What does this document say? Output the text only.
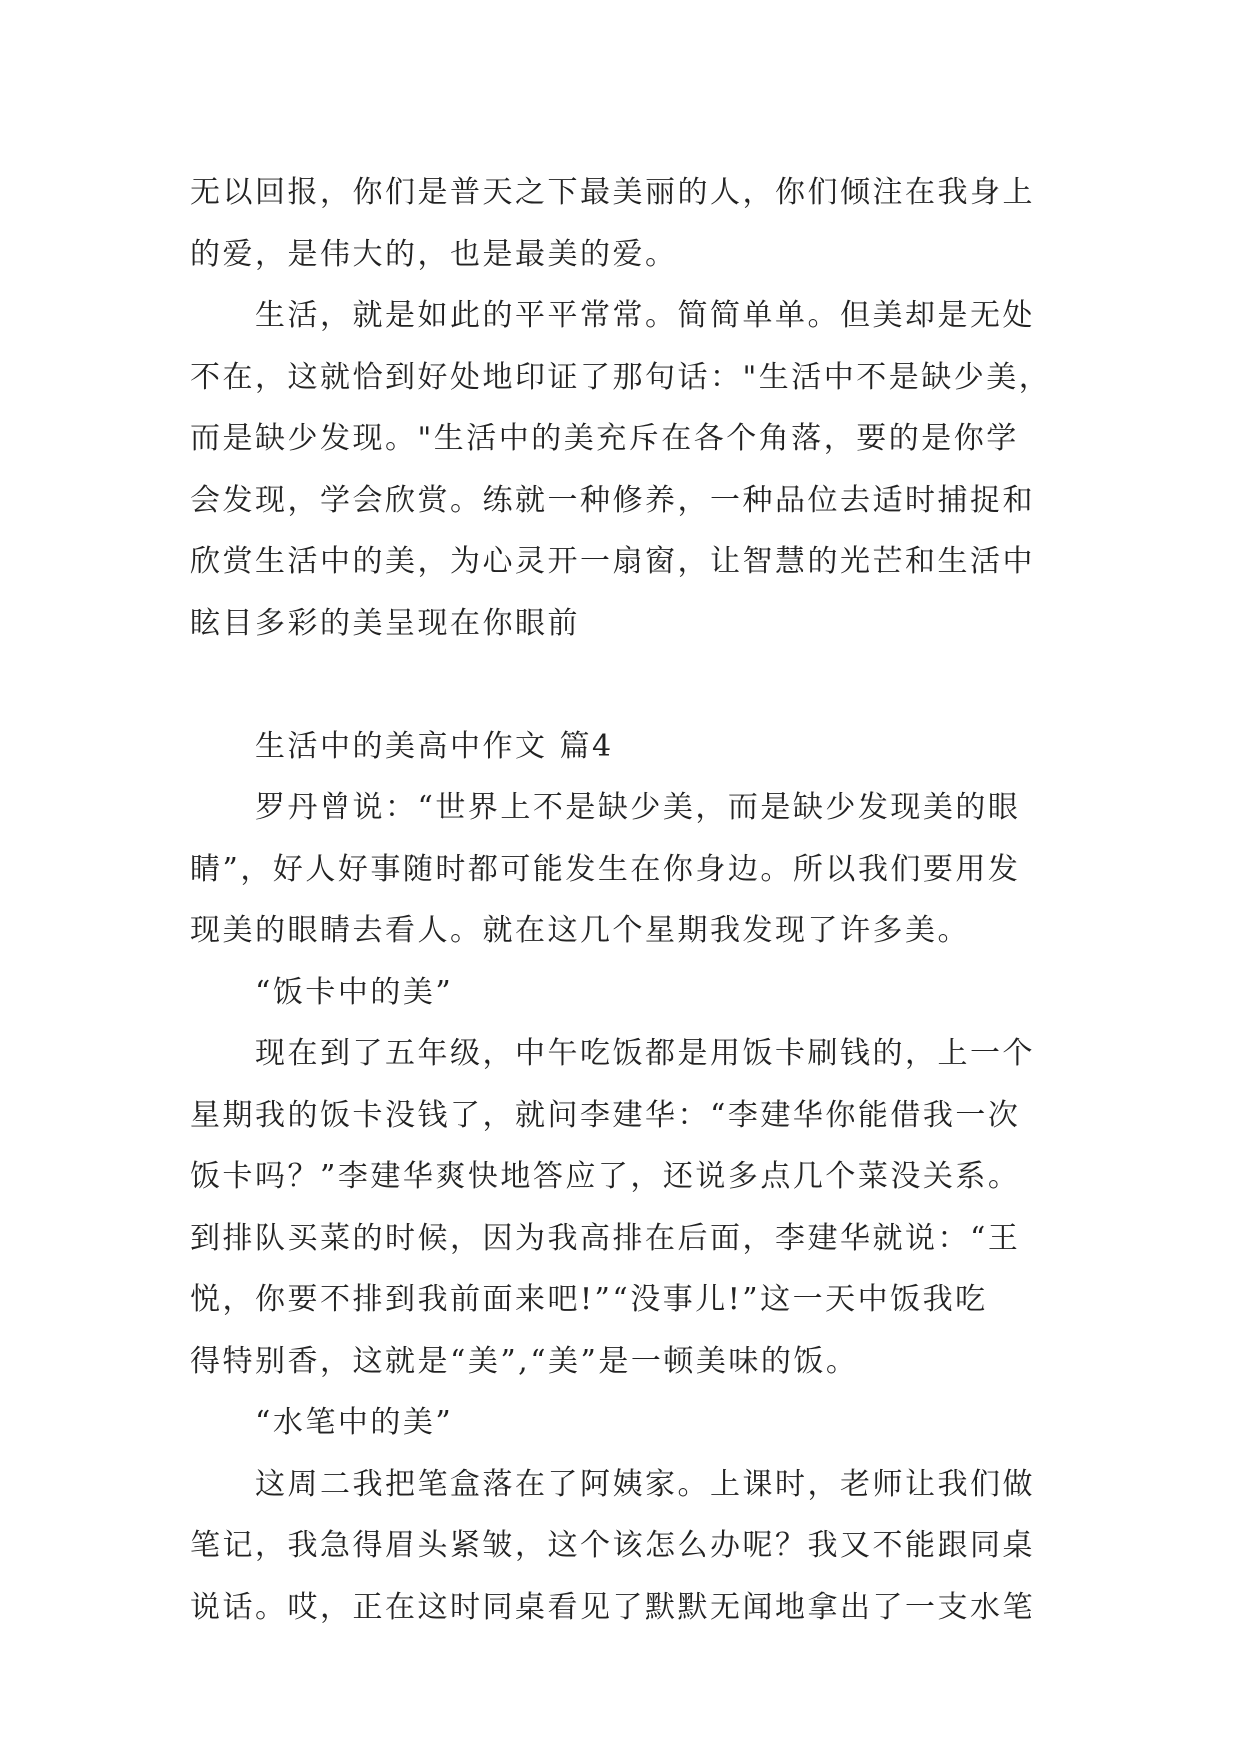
无以回报，你们是普天之下最美丽的人，你们倾注在我身上
的爱，是伟大的，也是最美的爱。
生活，就是如此的平平常常。简简单单。但美却是无处
不在，这就恰到好处地印证了那句话："生活中不是缺少美，
而是缺少发现。"生活中的美充斥在各个角落，要的是你学
会发现，学会欣赏。练就一种修养，一种品位去适时捕捉和
欣赏生活中的美，为心灵开一扇窗，让智慧的光芒和生活中
眩目多彩的美呈现在你眼前
生活中的美高中作文 篇4
罗丹曾说：“世界上不是缺少美，而是缺少发现美的眼
睛”，好人好事随时都可能发生在你身边。所以我们要用发
现美的眼睛去看人。就在这几个星期我发现了许多美。
“饭卡中的美”
现在到了五年级，中午吃饭都是用饭卡刷钱的，上一个
星期我的饭卡没钱了，就问李建华：“李建华你能借我一次
饭卡吗？”李建华爽快地答应了，还说多点几个菜没关系。
到排队买菜的时候，因为我高排在后面，李建华就说：“王
悦，你要不排到我前面来吧!”“没事儿!”这一天中饭我吃
得特别香，这就是“美”,“美”是一顿美味的饭。
“水笔中的美”
这周二我把笔盒落在了阿姨家。上课时，老师让我们做
笔记，我急得眉头紧皱，这个该怎么办呢？我又不能跟同桌
说话。哎，正在这时同桌看见了默默无闻地拿出了一支水笔
